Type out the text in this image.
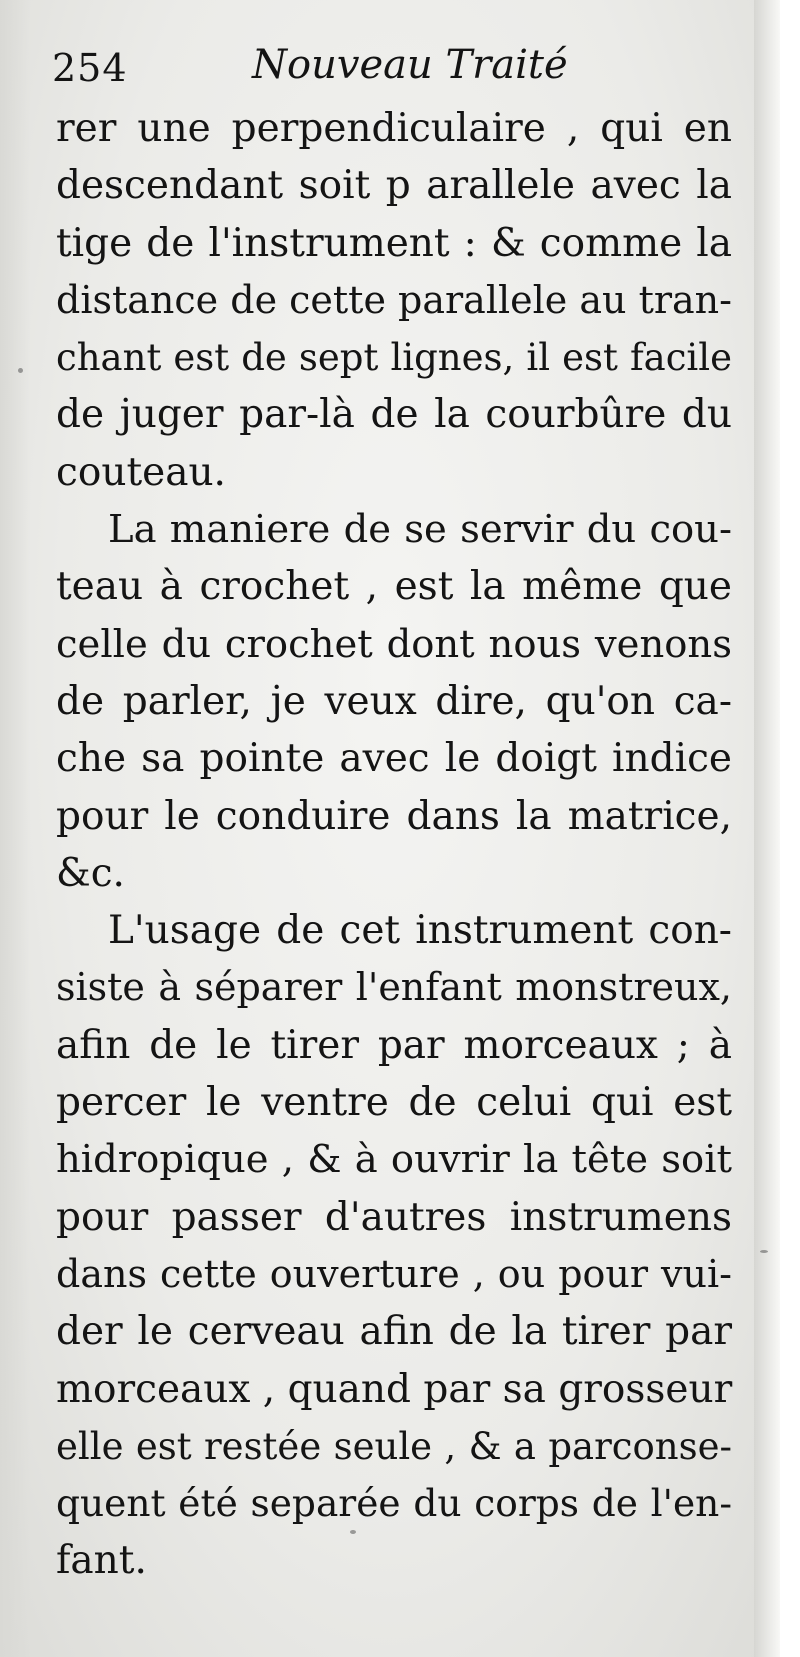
254	Nouveau Traité
rer une perpendiculaire , qui en
descendant soit p arallele avec la
tige de l'instrument : & comme la
distance de cette parallele au tran-
chant est de sept lignes, il est facile
de juger par-là de la courbûre du
couteau.
La maniere de se servir du cou-
teau à crochet , est la même que
celle du crochet dont nous venons
de parler, je veux dire, qu'on ca-
che sa pointe avec le doigt indice
pour le conduire dans la matrice,
&c.
L'usage de cet instrument con-
siste à séparer l'enfant monstreux,
afin de le tirer par morceaux ; à
percer le ventre de celui qui est
hidropique , & à ouvrir la tête soit
pour passer d'autres instrumens
dans cette ouverture , ou pour vui-
der le cerveau afin de la tirer par
morceaux , quand par sa grosseur
elle est restée seule , & a parconse-
quent été separée du corps de l'en-
fant.
